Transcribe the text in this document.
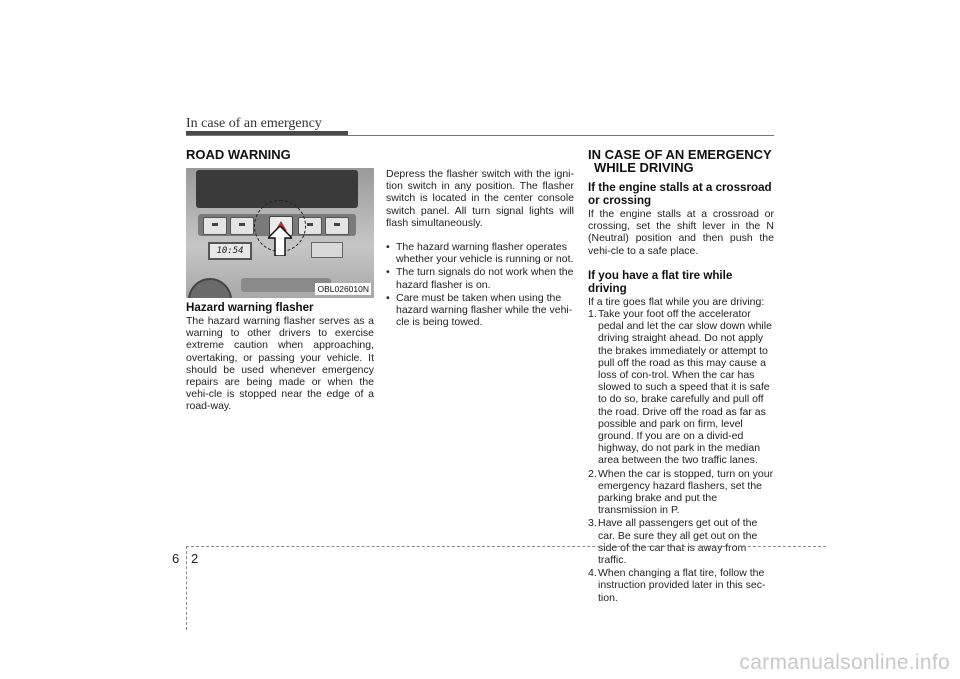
In case of an emergency
ROAD WARNING
10:54
OBL026010N
Hazard warning flasher
The hazard warning flasher serves as a warning to other drivers to exercise extreme caution when approaching, overtaking, or passing your vehicle. It should be used whenever emergency repairs are being made or when the vehi-cle is stopped near the edge of a road-way.
Depress the flasher switch with the igni-tion switch in any position. The flasher switch is located in the center console switch panel. All turn signal lights will flash simultaneously.
• The hazard warning flasher operates whether your vehicle is running or not.
• The turn signals do not work when the hazard flasher is on.
• Care must be taken when using the hazard warning flasher while the vehi-cle is being towed.
IN CASE OF AN EMERGENCY
WHILE DRIVING
If the engine stalls at a crossroad
or crossing
If the engine stalls at a crossroad or crossing, set the shift lever in the N (Neutral) position and then push the vehi-cle to a safe place.
If you have a flat tire while driving
If a tire goes flat while you are driving:
1. Take your foot off the accelerator pedal and let the car slow down while driving straight ahead. Do not apply the brakes immediately or attempt to pull off the road as this may cause a loss of con-trol. When the car has slowed to such a speed that it is safe to do so, brake carefully and pull off the road. Drive off the road as far as possible and park on firm, level ground. If you are on a divid-ed highway, do not park in the median area between the two traffic lanes.
2. When the car is stopped, turn on your emergency hazard flashers, set the parking brake and put the transmission in P.
3. Have all passengers get out of the car. Be sure they all get out on the side of the car that is away from traffic.
4. When changing a flat tire, follow the instruction provided later in this sec-tion.
6 2
carmanualsonline.info
